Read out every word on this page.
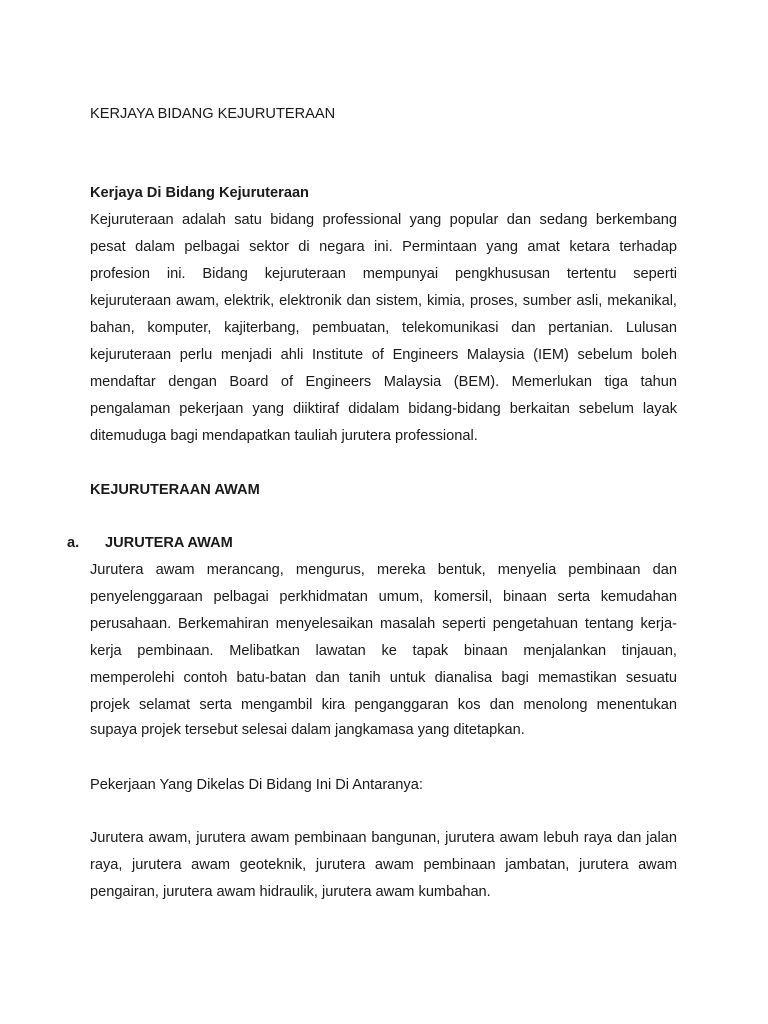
KERJAYA BIDANG KEJURUTERAAN
Kerjaya Di Bidang Kejuruteraan
Kejuruteraan adalah satu bidang professional yang popular dan sedang berkembang
pesat dalam pelbagai sektor di negara ini. Permintaan yang amat ketara terhadap
profesion ini. Bidang kejuruteraan mempunyai pengkhususan tertentu seperti
kejuruteraan awam, elektrik, elektronik dan sistem, kimia, proses, sumber asli, mekanikal,
bahan, komputer, kajiterbang, pembuatan, telekomunikasi dan pertanian. Lulusan
kejuruteraan perlu menjadi ahli Institute of Engineers Malaysia (IEM) sebelum boleh
mendaftar dengan Board of Engineers Malaysia (BEM). Memerlukan tiga tahun
pengalaman pekerjaan yang diiktiraf didalam bidang-bidang berkaitan sebelum layak
ditemuduga bagi mendapatkan tauliah jurutera professional.
KEJURUTERAAN AWAM
a. JURUTERA AWAM
Jurutera awam merancang, mengurus, mereka bentuk, menyelia pembinaan dan
penyelenggaraan pelbagai perkhidmatan umum, komersil, binaan serta kemudahan
perusahaan. Berkemahiran menyelesaikan masalah seperti pengetahuan tentang kerja-
kerja pembinaan. Melibatkan lawatan ke tapak binaan menjalankan tinjauan,
memperolehi contoh batu-batan dan tanih untuk dianalisa bagi memastikan sesuatu
projek selamat serta mengambil kira penganggaran kos dan menolong menentukan
supaya projek tersebut selesai dalam jangkamasa yang ditetapkan.
Pekerjaan Yang Dikelas Di Bidang Ini Di Antaranya:
Jurutera awam, jurutera awam pembinaan bangunan, jurutera awam lebuh raya dan jalan
raya, jurutera awam geoteknik, jurutera awam pembinaan jambatan, jurutera awam
pengairan, jurutera awam hidraulik, jurutera awam kumbahan.
